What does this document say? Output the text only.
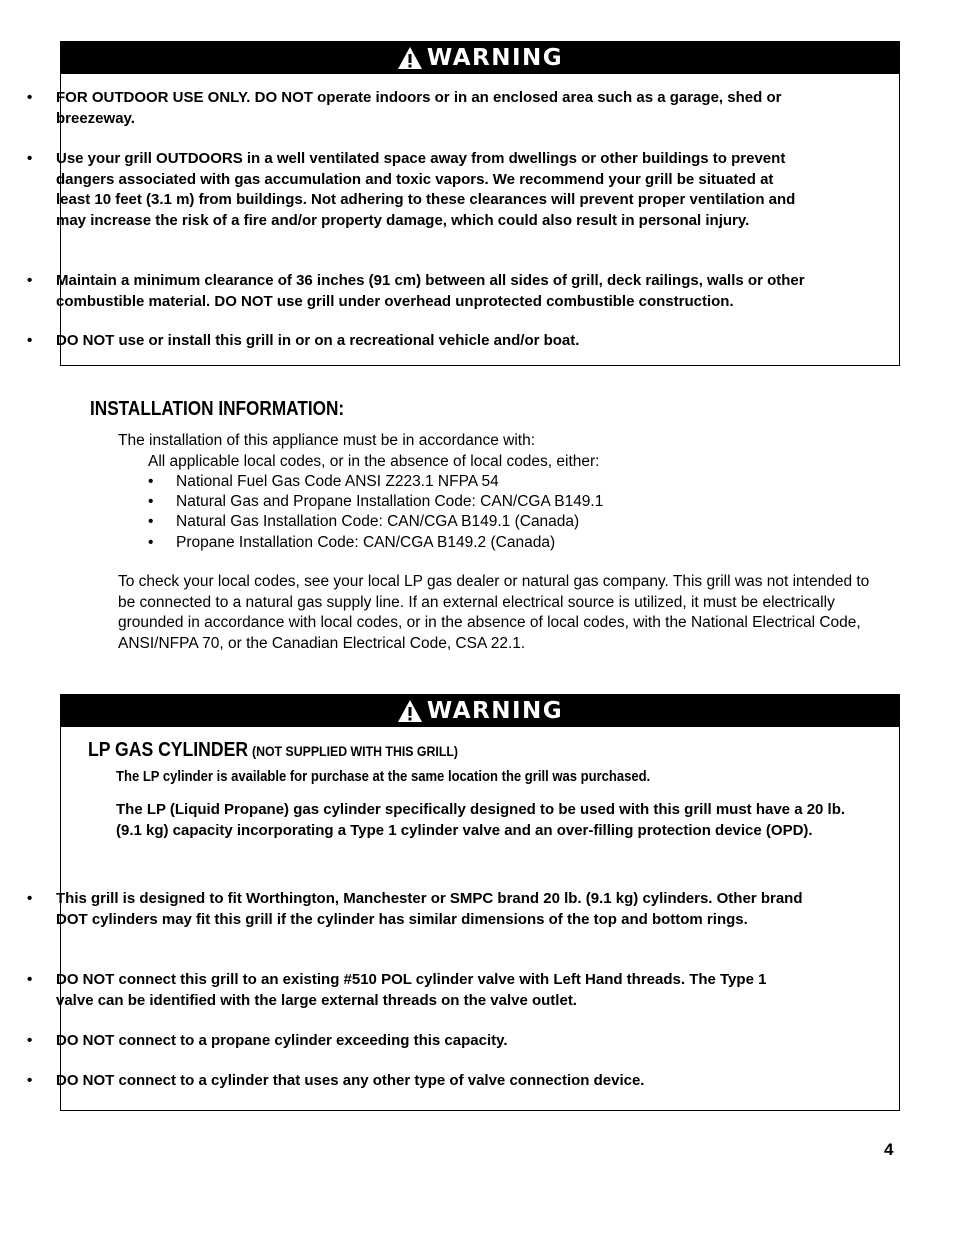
WARNING
• FOR OUTDOOR USE ONLY. DO NOT operate indoors or in an enclosed area such as a garage, shed or breezeway.
• Use your grill OUTDOORS in a well ventilated space away from dwellings or other buildings to prevent dangers associated with gas accumulation and toxic vapors. We recommend your grill be situated at least 10 feet (3.1 m) from buildings. Not adhering to these clearances will prevent proper ventilation and may increase the risk of a fire and/or property damage, which could also result in personal injury.
• Maintain a minimum clearance of 36 inches (91 cm) between all sides of grill, deck railings, walls or other combustible material. DO NOT use grill under overhead unprotected combustible construction.
• DO NOT use or install this grill in or on a recreational vehicle and/or boat.
INSTALLATION INFORMATION:
The installation of this appliance must be in accordance with:
All applicable local codes, or in the absence of local codes, either:
• National Fuel Gas Code ANSI Z223.1 NFPA 54
• Natural Gas and Propane Installation Code: CAN/CGA B149.1
• Natural Gas Installation Code: CAN/CGA B149.1 (Canada)
• Propane Installation Code: CAN/CGA B149.2 (Canada)
To check your local codes, see your local LP gas dealer or natural gas company. This grill was not intended to be connected to a natural gas supply line. If an external electrical source is utilized, it must be electrically grounded in accordance with local codes, or in the absence of local codes, with the National Electrical Code, ANSI/NFPA 70, or the Canadian Electrical Code, CSA 22.1.
WARNING
LP GAS CYLINDER (NOT SUPPLIED WITH THIS GRILL)
The LP cylinder is available for purchase at the same location the grill was purchased.
The LP (Liquid Propane) gas cylinder specifically designed to be used with this grill must have a 20 lb. (9.1 kg) capacity incorporating a Type 1 cylinder valve and an over-filling protection device (OPD).
• This grill is designed to fit Worthington, Manchester or SMPC brand 20 lb. (9.1 kg) cylinders. Other brand DOT cylinders may fit this grill if the cylinder has similar dimensions of the top and bottom rings.
• DO NOT connect this grill to an existing #510 POL cylinder valve with Left Hand threads. The Type 1 valve can be identified with the large external threads on the valve outlet.
• DO NOT connect to a propane cylinder exceeding this capacity.
• DO NOT connect to a cylinder that uses any other type of valve connection device.
4
